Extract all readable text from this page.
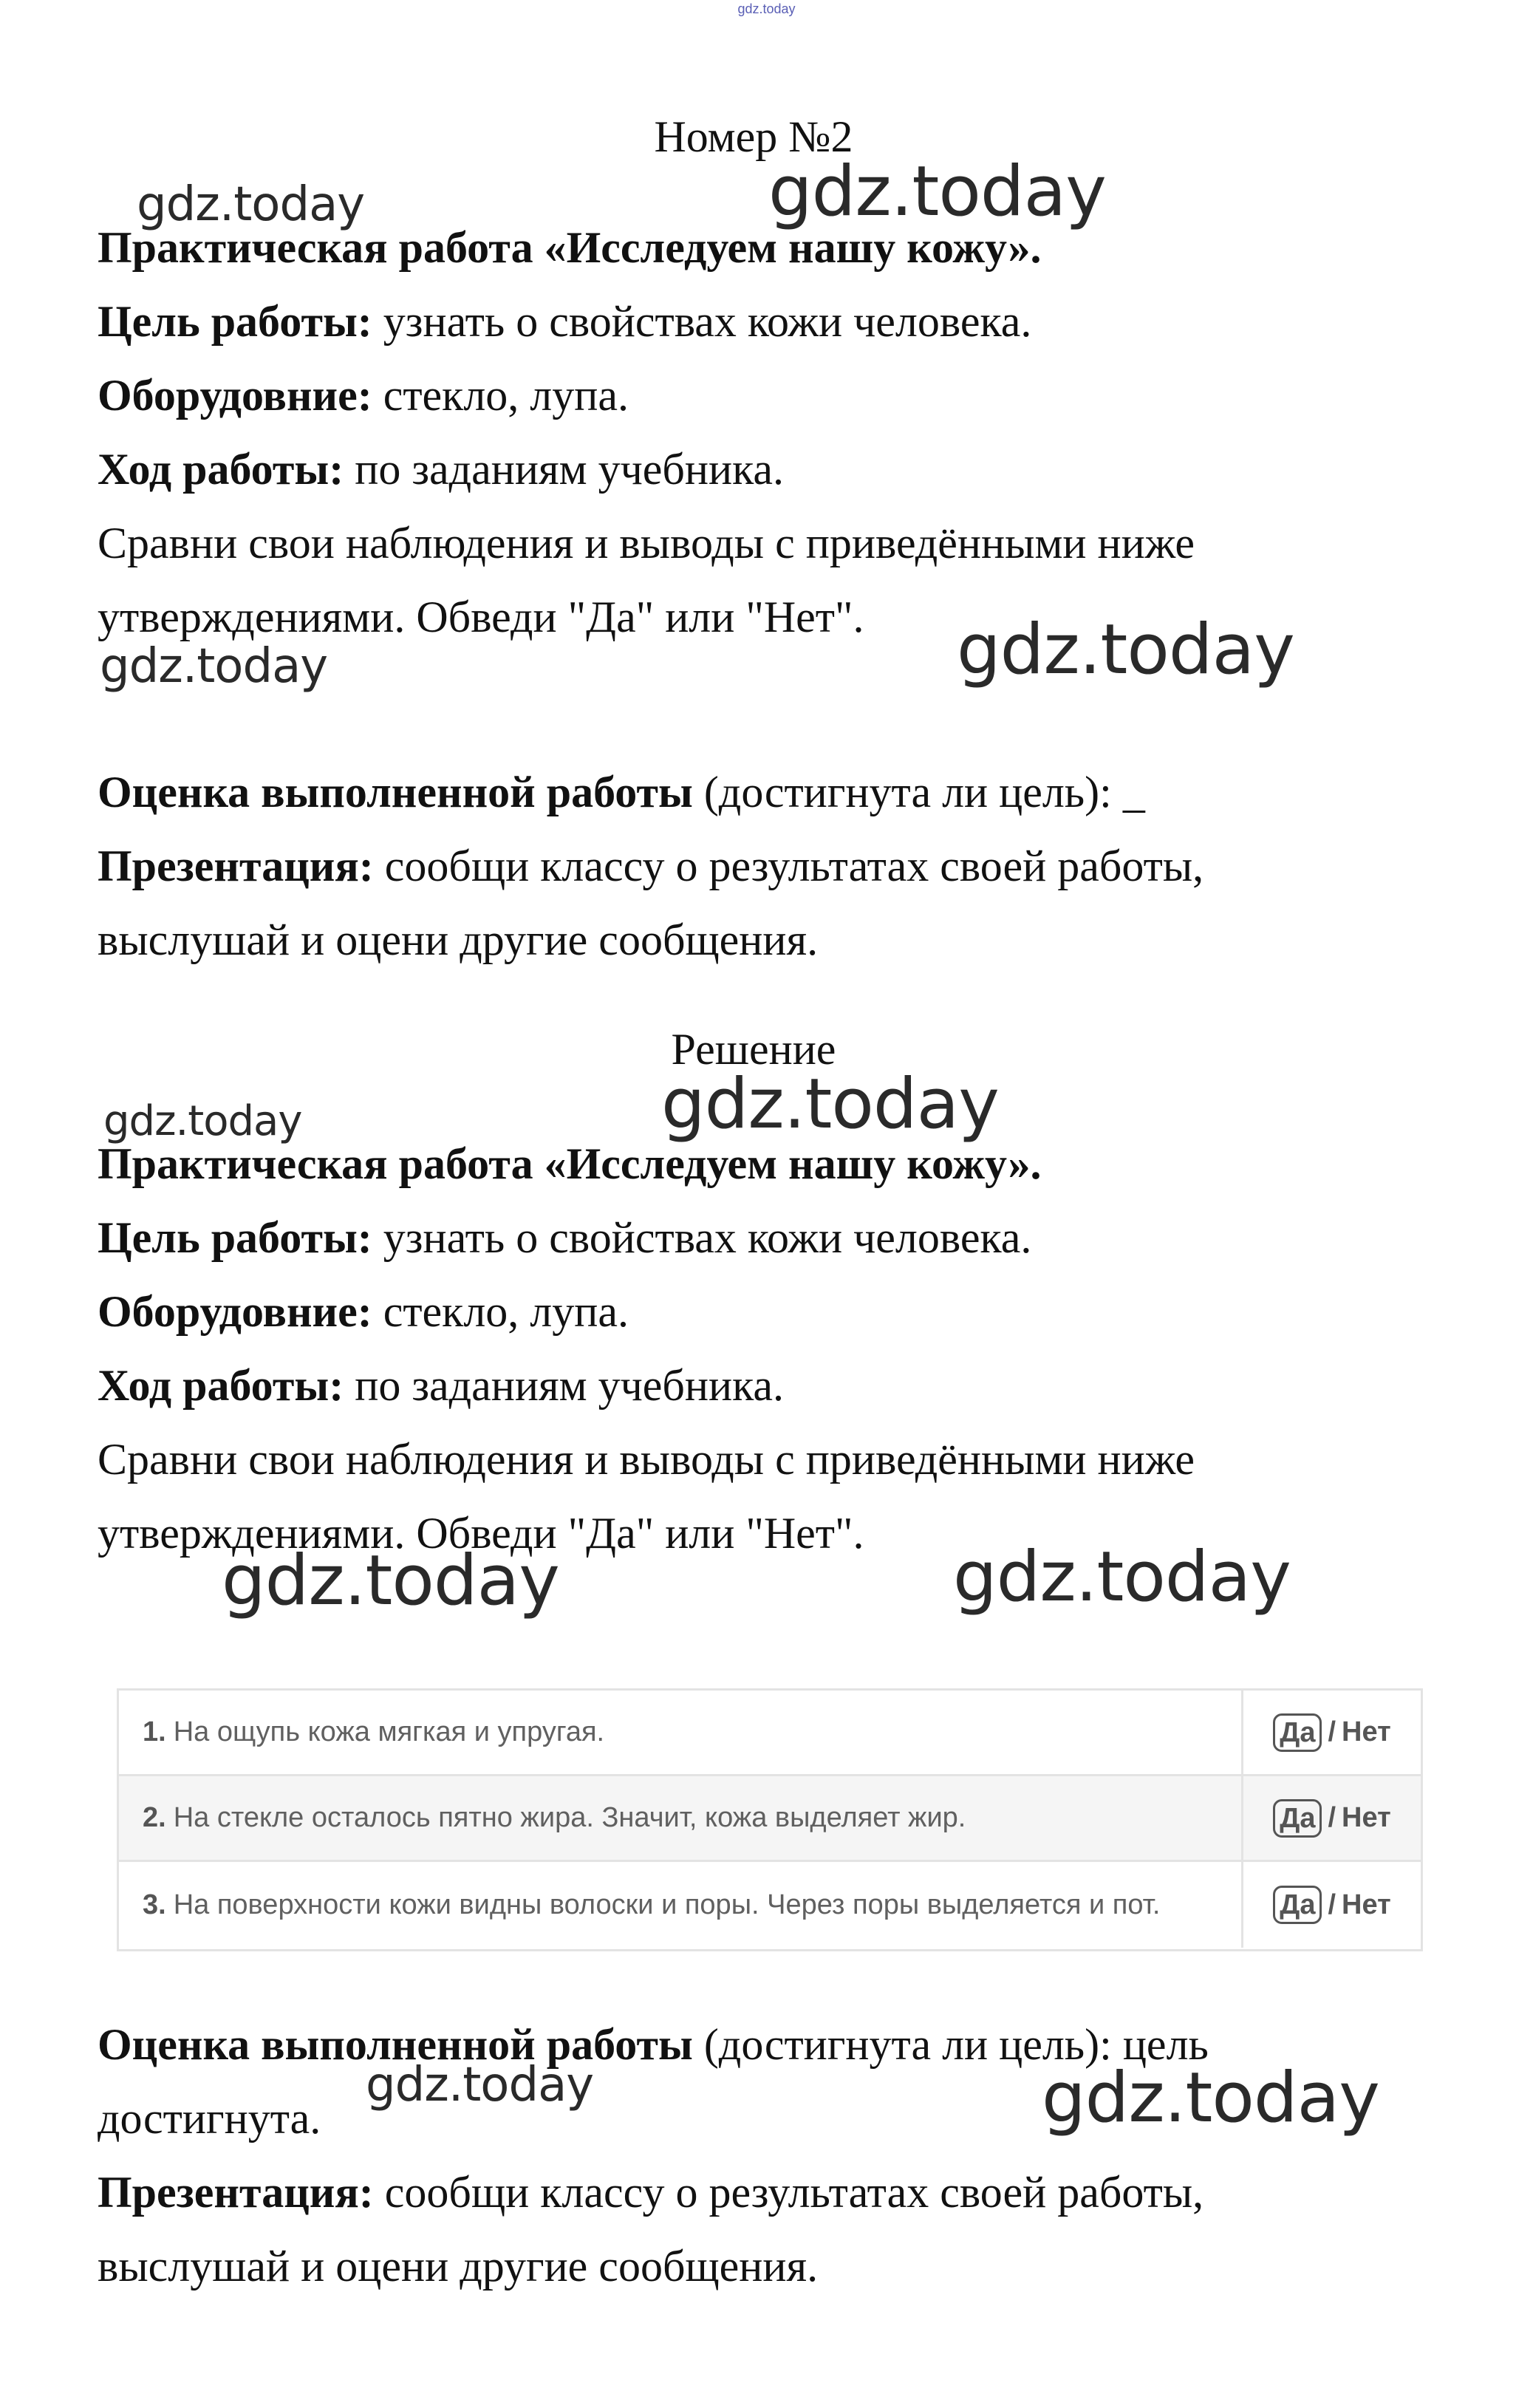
gdz.today
Номер №2

Практическая работа «Исследуем нашу кожу».

Цель работы: узнать о свойствах кожи человека.

Оборудовние: стекло, лупа.

Ход работы: по заданиям учебника.

Сравни свои наблюдения и выводы с приведёнными ниже

утверждениями. Обведи "Да" или "Нет".

Оценка выполненной работы (достигнута ли цель): _

Презентация: сообщи классу о результатах своей работы,

выслушай и оцени другие сообщения.

Решение

Практическая работа «Исследуем нашу кожу».

Цель работы: узнать о свойствах кожи человека.

Оборудовние: стекло, лупа.

Ход работы: по заданиям учебника.

Сравни свои наблюдения и выводы с приведёнными ниже

утверждениями. Обведи "Да" или "Нет".

1. На ощупь кожа мягкая и упругая.	Да / Нет
2. На стекле осталось пятно жира. Значит, кожа выделяет жир.	Да / Нет
3. На поверхности кожи видны волоски и поры. Через поры выделяется и пот.	Да / Нет

Оценка выполненной работы (достигнута ли цель): цель

достигнута.

Презентация: сообщи классу о результатах своей работы,

выслушай и оцени другие сообщения.

gdz.today	gdz.today
gdz.today	gdz.today
gdz.today	gdz.today
gdz.today	gdz.today
gdz.today	gdz.today
